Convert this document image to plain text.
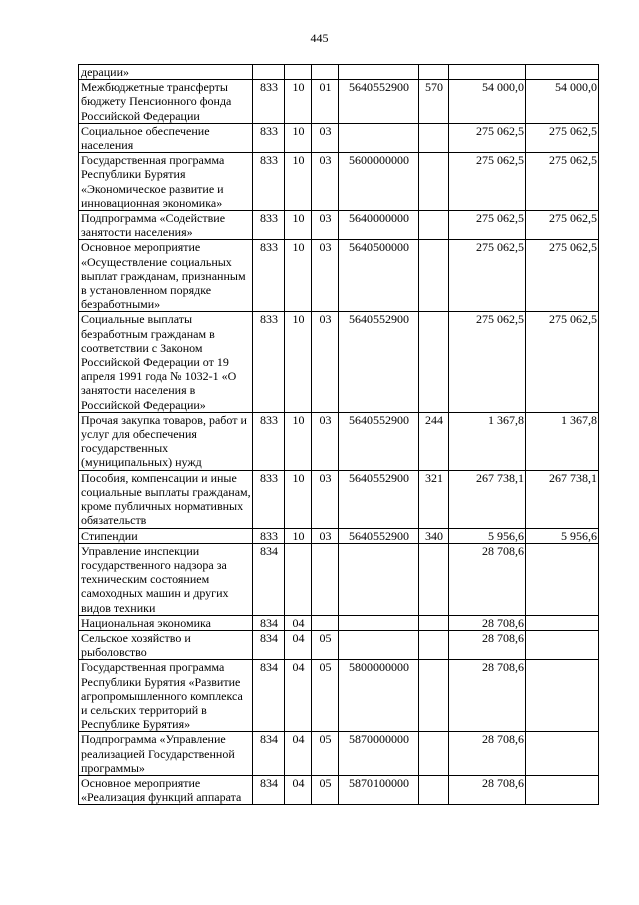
445
дерации»							
Межбюджетные трансферты бюджету Пенсионного фонда Российской Федерации	833	10	01	5640552900	570	54 000,0	54 000,0
Социальное обеспечение населения	833	10	03			275 062,5	275 062,5
Государственная программа Республики Бурятия «Экономическое развитие и инновационная экономика»	833	10	03	5600000000		275 062,5	275 062,5
Подпрограмма «Содействие занятости населения»	833	10	03	5640000000		275 062,5	275 062,5
Основное мероприятие «Осуществление социальных выплат гражданам, признанным в установленном порядке безработными»	833	10	03	5640500000		275 062,5	275 062,5
Социальные выплаты безработным гражданам в соответствии с Законом Российской Федерации от 19 апреля 1991 года № 1032-1 «О занятости населения в Российской Федерации»	833	10	03	5640552900		275 062,5	275 062,5
Прочая закупка товаров, работ и услуг для обеспечения государственных (муниципальных) нужд	833	10	03	5640552900	244	1 367,8	1 367,8
Пособия, компенсации и иные социальные выплаты гражданам, кроме публичных нормативных обязательств	833	10	03	5640552900	321	267 738,1	267 738,1
Стипендии	833	10	03	5640552900	340	5 956,6	5 956,6
Управление инспекции государственного надзора за техническим состоянием самоходных машин и других видов техники	834					28 708,6	
Национальная экономика	834	04				28 708,6	
Сельское хозяйство и рыболовство	834	04	05			28 708,6	
Государственная программа Республики Бурятия «Развитие агропромышленного комплекса и сельских территорий в Республике Бурятия»	834	04	05	5800000000		28 708,6	
Подпрограмма «Управление реализацией Государственной программы»	834	04	05	5870000000		28 708,6	
Основное мероприятие «Реализация функций аппарата	834	04	05	5870100000		28 708,6	
